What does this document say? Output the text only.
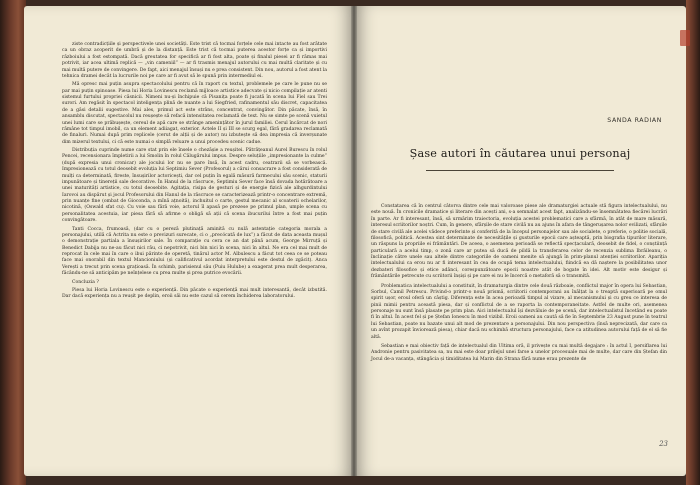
ziste contradicțiile și perspectivele unei societăți. Este trist că tocmai forțele cele mai intacte au fost arătate ca un obraz acoperit de umbră și de la distanță. Este trist că tocmai puterea acestor forțe ca și importivi războiului a fost estompată. Dacă greutatea for specifică ar fi fost alta, poate și finalul piesei ar fi rămas mai potrivit, iar acea ultimă replică — „vin cameniil” — ar fi trasmis menajul autorului cu mai multă claritate și cu mai multă putere de convingere. De fapt, aici menajul însuși nu e prea consistent. Din nou, autorul a fost atent la tehnica dramei decât la lucrurile noi pe care ar fi avut să le spună prin intermediul ei.

Mă opresc mai puțin asupra spectacolului pentru că în raport cu textul, problemele pe care le pune nu se par mai puțin spinoase. Piesa lui Horia Lovinescu reclamă mijloace artistice adecvate și nicio compilație ar atenti sistemul furtului propriei căsnicii. Nimeni nu-și închipuie că Pisanița poate fi jucată în scena lui Fiel sau Trei surori. Am regăsit în spectacol inteligența plină de nuante a lui Siegfried, rafinamentul său discret, capacitatea de a găsi detalii sugestive. Mai ales, primul act este strâns, concentrat, convingător. Din păcate, însă, în ansamblu discutat, spectacolul nu reușește să refacă intensitatea reclamată de text. Nu se simte pe scenă vuietul unei lumi care se prăbușește, cereul de apă care se strânge amenințător în jurul familiei. Cerul încărcat de nori rămâne tot timpul imobil, ca un element adiiagat, exterior. Actele II și III se scurg egal, fără gradarea reclamată de finaluri. Numai după prim replicele (cerut de alții și de autor) nu izbutește să dea impresia că inverșunate dim mizerul textului, ci că este numai o simplă reluare a unui procedeu scenic cadue.

Distribuția cuprinde nume care stat prin ele însele o chezășie a reușitei. Pătrățeanul Aurel Burescu în rolul Pencei, recensionara împletirii a lui Smolin în rolul Călugărului impus. Despre seluțiile „impresionante la culme” (după expresia unui cronicar) ale jocului lor nu se pare însă, în acest cadru, ceatrarii să se vorbească. Impresionează cu totul deosebit evoluția lui Septimiu Sever (Profesorul) a cărui consacrare a fost considerată de mulți ca determinată, fireste, însușirilor actoricești, dar cel puțin în egală măsură farmecului său scenic, staturii impunătoare și tinereții sale decorative. În Hanul de la răscruce, Septimiu Sever face însă dovada hotărâtoare a unei maturități artistice, cu totul deosebite. Agitația, risipa de gesturi și de energie fizică ale alhgurdintului Iarovoi au dispărut și jocul Profesorului din Hanul de la răscruce se caracterizează printr-o concentrare extremă, prin nuanțe fine (ombat de Gioconda, a mînă ațnoită), inchuitul o carte, gestul mecanic al scoaterii ochelarilor, nicotină, (Oswald sfat cu). Cu voie sau fără voie, actorul îl apasă pe prezese pe primul plan, umple scena cu personalitatea acestuia, iar piesa fără să afirme o obligă să ații că scena ibucurilui între a fost mai puțin convingătoare.

Tanti Cocca, frumoasă, (dar cu o pereză plutinață aminită cu nulă astentație categoria morala a personajului, utilă că Actrita nu este o previzuri surecate, ci o „precócată de lux”) a făcut de data aceasta mușul o demonstrație partiala a însușirilor sale. În comparație cu cera ce an dat până acum, George Mirruță și Benedict Dabija nu ne-au făcut nici rău, ci nepotrivit, nici bin nici în scena, nici în altul. Ne era cel mai mult de reprocat în cele mai în care o ibui părinte de operetă, tinărul actor M. Albulescu a fácut tot ceea ce se poteau face mai onorabil din textul Mancioniului (și calificativul acordat interpretului este destul de zgâcit). Anca Verești a trecut prin scena grațioasă. În schimb, parisienul său (Puiu Hulube) a exagerat prea mult desperarea, făcându-ne să anticipăm pe neînțelese cu prea multe și prea putrice evocării.

Concluzia ?

Piesa lui Horia Lovinescu este o experiență. Din păcate o experiență mai mult interesantă, decât izbutită. Dar dacă experiența nu a reușit pe deplin, eroii săi nu este cazul să cerem închiderea laboratorului.

SANDA RADIAN
Șase autori în căutarea unui personaj

Constatarea că în centrul câtorva dintre cele mai valoroase piese ale dramaturgiei actuale stă figura intelectualului, nu este nouă. În cronicile dramatice și literare din acești ani, s-a semnalat acest fapt, analizându-se însemnătatea fiecărei lucrări în parte. Ar fi interesant, însă, să urmărim traiectoria, evoluția acestei problematici care a sfârmă, în atât de mare măsură, interesul scriitorilor noștri. Cum, în genere, sfârșile de stare civilă nu au ajuns în afara de tângerușarea nolor evilizati, sfârșile de stare civilă ale acelei vădece preferinte și conferită de la începul personajelor sau ale socialete, o preferie, o politie socială, filosofică, politică. Acestea sint determinate de necesitățile și gusturile epocii care așteaptă, prin biografia tipurilor literare, un răspuns la propriile ei frământări. De aceea, o asemenea perioadă se reflectă specțaculară, deosebit de fidel, o conștiință particulară a acelui timp, o zonă care ar putea să ducă de pildă la transferarea celor de recenzia sublima Ibrăileanu, o înclinație către unele sau altele dintre categoriile de oameni menite să ajungă în prim-planul atenției scriitorilor. Apariția intelectualului ca erou nu ar fi interesant în cea de ocupă tema intelectualului, fiindcă ea dă naștere la posibilitatea unor dezbateri filosofice și etice adânci, corespunzătoare epocii noastre atât de bogate în idei. Alt motiv este desigur și frământările petrecute cu scriitorii înșiși și pe care ei nu le încercă o metaforă să o transmită.

Problematica intelectualului a constituit, în dramaturgia dintre cele două războaie, conflictul major în opera lui Sebastian, Sorbul, Camil Petrescu. Privind-o printr-o nouă prismă, scriitorii contemporani au înălțat la o treaptă superioară pe omul spirit ușor, eroul oferă un câștig. Diferența este în acea perioadă timpul al vizare, al mecanismului și cu greu ce interesa de pinii mimii pentru această piesa, dar și conflictul de a se raporta la contemporaneitate. Astfel de multe ori, asemenea personaje nu sunt însă plasate pe prim plan. Aici intelectualul își dezvăluie de pe scenă, dar intelectualistul încetând eu poate fi în altul. În acest fel și pe Ștefan Ionescu în mod vizibil. Eroii oameni au caută să fie în Septembrie 23 August pune în teatrul lui Sebastian, poate nu bazate unui alt mod de prezentare a personajului. Din nou perspectiva (însă neprecizată, dar care ca un avînt prozapit înviorează piesa), chiar dacă nu schimbă structura personajului, face ca atitudinea autorului față de el să fie altă.

Sebastian e mai obiectiv față de intelectualul din Ultima oră, il privește cu mai multă degajare : în actul I, persiflarea lui Andronie pentru pasivitatea sa, nu mai este doar prilejul unei farse a unelor procesuale mai de multe, dar care din Ștefan din Jocul de-a vacanța, stângăcia și timiditatea lui Marin din Strana fără nume erau prezente de

23
